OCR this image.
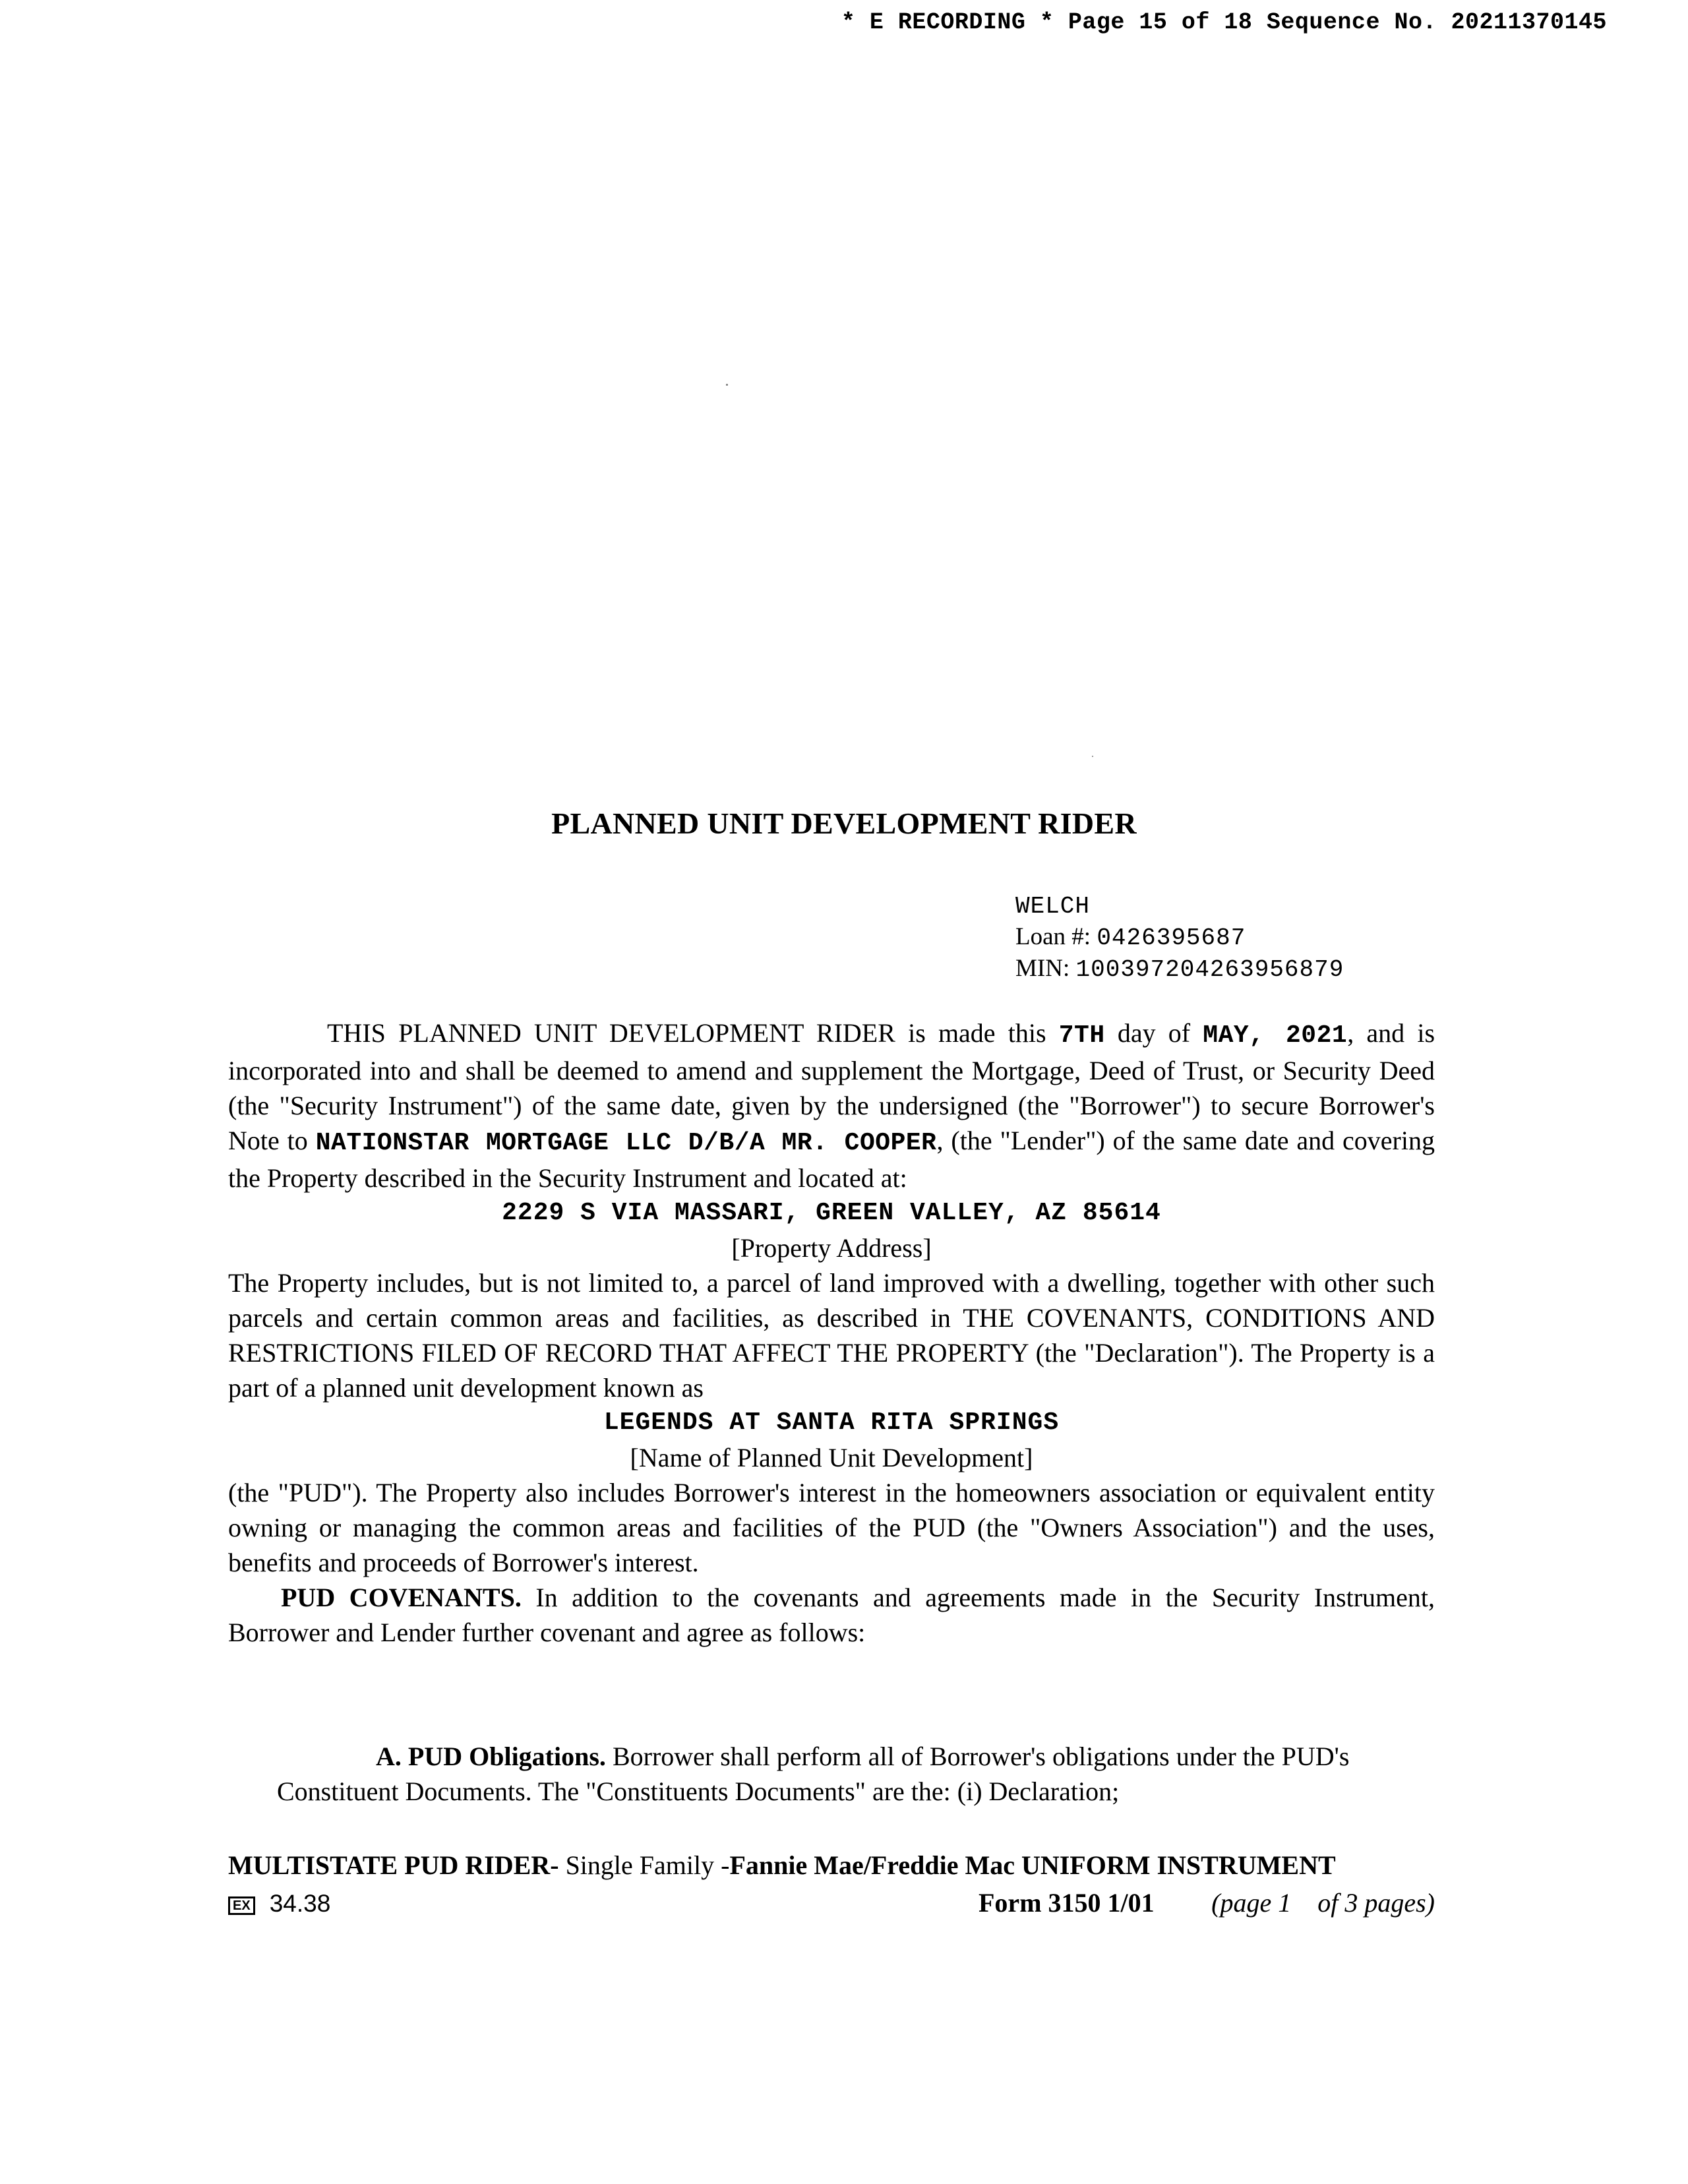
* E RECORDING * Page 15 of 18 Sequence No. 20211370145
PLANNED UNIT DEVELOPMENT RIDER
WELCH
Loan #: 0426395687
MIN: 100397204263956879

THIS PLANNED UNIT DEVELOPMENT RIDER is made this 7TH day of MAY, 2021, and is incorporated into and shall be deemed to amend and supplement the Mortgage, Deed of Trust, or Security Deed (the "Security Instrument") of the same date, given by the undersigned (the "Borrower") to secure Borrower's Note to NATIONSTAR MORTGAGE LLC D/B/A MR. COOPER, (the "Lender") of the same date and covering the Property described in the Security Instrument and located at:

2229 S VIA MASSARI, GREEN VALLEY, AZ 85614

[Property Address]

The Property includes, but is not limited to, a parcel of land improved with a dwelling, together with other such parcels and certain common areas and facilities, as described in THE COVENANTS, CONDITIONS AND RESTRICTIONS FILED OF RECORD THAT AFFECT THE PROPERTY (the "Declaration"). The Property is a part of a planned unit development known as

LEGENDS AT SANTA RITA SPRINGS

[Name of Planned Unit Development]

(the "PUD"). The Property also includes Borrower's interest in the homeowners association or equivalent entity owning or managing the common areas and facilities of the PUD (the "Owners Association") and the uses, benefits and proceeds of Borrower's interest.

PUD COVENANTS. In addition to the covenants and agreements made in the Security Instrument, Borrower and Lender further covenant and agree as follows:

A. PUD Obligations. Borrower shall perform all of Borrower's obligations under the PUD's Constituent Documents. The "Constituents Documents" are the: (i) Declaration;

MULTISTATE PUD RIDER- Single Family -Fannie Mae/Freddie Mac UNIFORM INSTRUMENT
EX 34.38	Form 3150 1/01 (page 1    of 3 pages)
